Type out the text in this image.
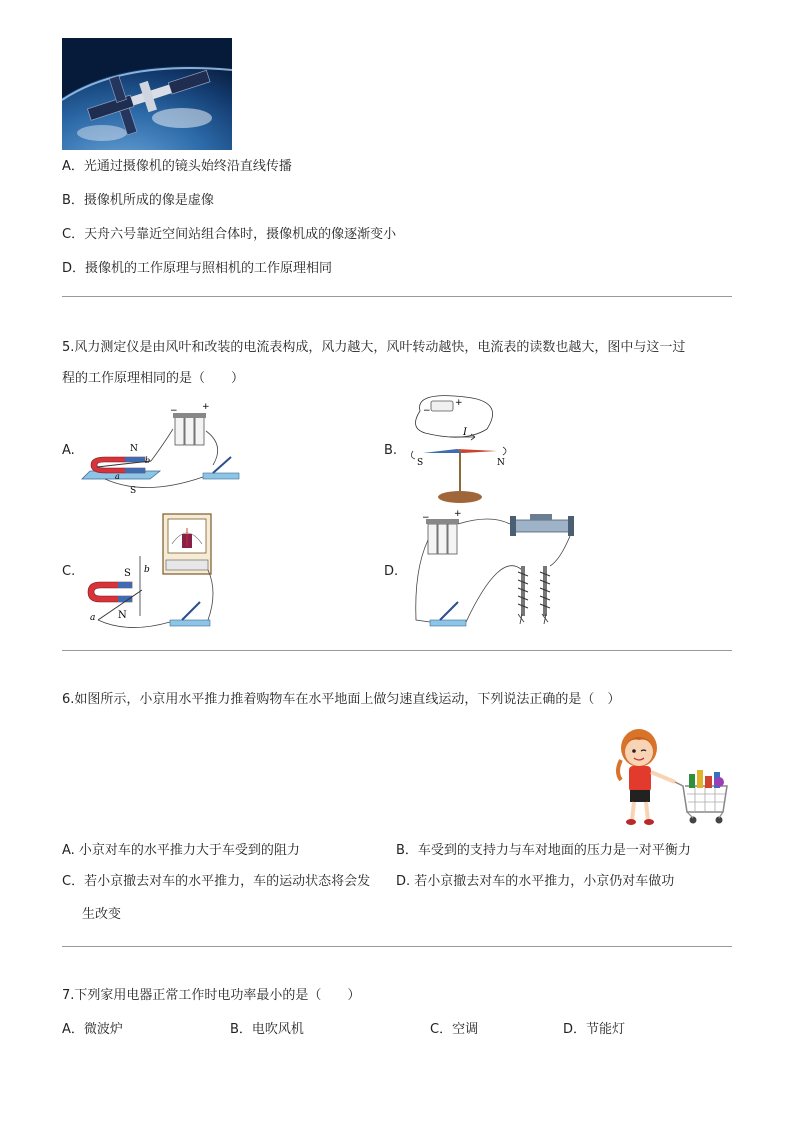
A．光通过摄像机的镜头始终沿直线传播
B．摄像机所成的像是虚像
C．天舟六号靠近空间站组合体时，摄像机成的像逐渐变小
D．摄像机的工作原理与照相机的工作原理相同
5.风力测定仪是由风叶和改装的电流表构成，风力越大，风叶转动越快，电流表的读数也越大，图中与这一过
程的工作原理相同的是（　　）
A.	B.
C.	D.
N
S
b
a
−	+	−
+
I
S	N
S
N
b
a
−	+
6.如图所示，小京用水平推力推着购物车在水平地面上做匀速直线运动，下列说法正确的是（　）
A. 小京对车的水平推力大于车受到的阻力	B．车受到的支持力与车对地面的压力是一对平衡力
C．若小京撤去对车的水平推力，车的运动状态将会发 D. 若小京撤去对车的水平推力，小京仍对车做功
生改变
7.下列家用电器正常工作时电功率最小的是（　　）
A．微波炉	B．电吹风机	C．空调	D．节能灯
